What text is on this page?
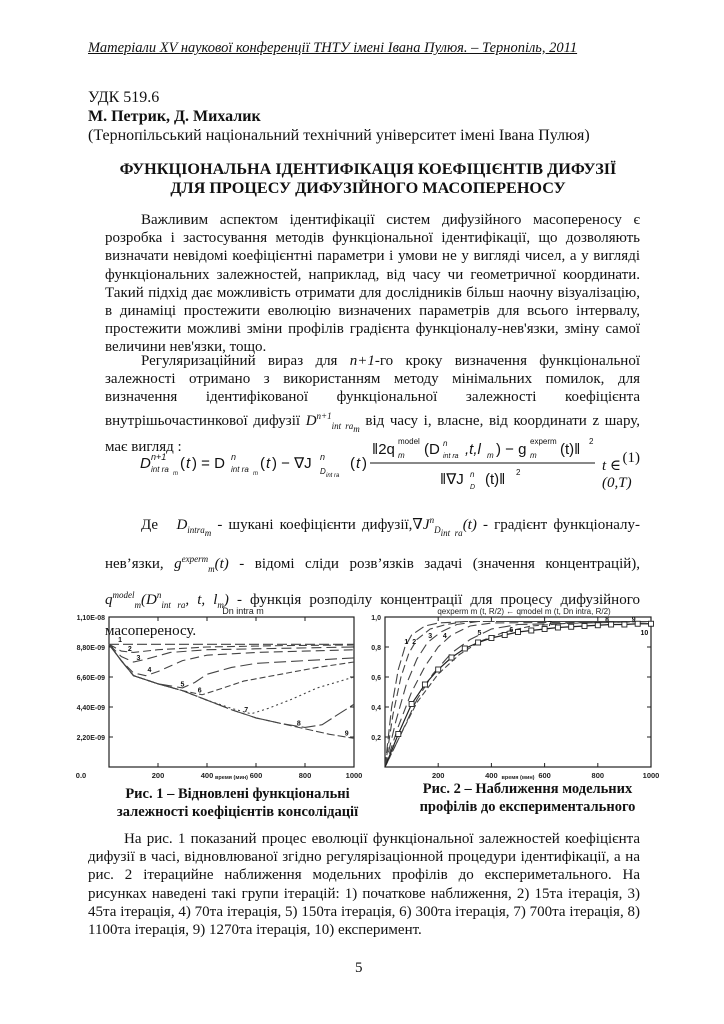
Матеріали XV наукової конференції ТНТУ імені Івана Пулюя. – Тернопіль, 2011
УДК 519.6
М. Петрик, Д. Михалик
(Тернопільський національний технічний університет імені Івана Пулюя)
ФУНКЦІОНАЛЬНА ІДЕНТИФІКАЦІЯ КОЕФІЦІЄНТІВ ДИФУЗІЇ
ДЛЯ ПРОЦЕСУ ДИФУЗІЙНОГО МАСОПЕРЕНОСУ
Важливим аспектом ідентифікації систем дифузійного масопереносу є розробка і застосування методів функціональної ідентифікації, що дозволяють визначати невідомі коефіцієнтні параметри і умови не у вигляді чисел, а у вигляді функціональних залежностей, наприклад, від часу чи геометричної координати. Такий підхід дає можливість отримати для дослідників більш наочну візуалізацію, в динаміці простежити еволюцію визначених параметрів для всього інтервалу, простежити можливі зміни профілів градієнта функціоналу-нев'язки, зміну самої величини нев'язки, тощо.
Регуляризаційний вираз для n+1-го кроку визначення функціональної залежності отримано з використанням методу мінімальних помилок, для визначення ідентифікованої функціональної залежності коефіцієнта внутрішьочастинкової дифузії $D^{n+1}_{int ra_m}$ від часу і, власне, від координати z шару, має вигляд :
D n+1
int ra m
( t ) = D n
int ra m
( t ) − ∇J n
D int ra
( t )
‖2q model
m (D n
int ra ,t,l m ) − g experm
m (t)‖ 2
‖∇J n
D (t)‖ 2	t ∈ (0,T)
(1)
Де $D_{intra_m}$ - шукані коефіцієнти $дифузії,\nabla J^n_{D_{int ra}}(t)$ - градієнт функціоналу-нев’язки, $g^{experm}_m(t)$ - відомі сліди розв’язків задачі (значення концентрацій), $q^{model}_m(D^n_{int ra}$, t, $l_m$) - функція розподілу концентрації для процесу дифузійного масопереносу.
0.0	200	400	600	800	1000
1,10E-08
8,80E-09
6,60E-09
4,40E-09
2,20E-09
время (мин)
Dn intra m
1
2
3
4
5
6
7
8
9
200	400	600	800	1000
1,0
0,8
0,6
0,4
0,2
время (мин)
qexperm m (t, R/2) ← qmodel m (t, Dn intra, R/2)
1 2
3 4	5	6
7
8	9
10
Рис. 1 – Відновлені функціональні
залежності коефіцієнтів консолідації
Рис. 2 – Наближення модельних
профілів до експериментального
На рис. 1 показаний процес еволюції функціональної залежностей коефіцієнта дифузії в часі, відновлюваної згідно регулярізаціонной процедури ідентифікації, а на рис. 2 ітерацийне наближення модельних профілів до експериметального. На рисунках наведені такі групи ітерацій: 1) початкове наближення, 2) 15та ітерація, 3) 45та ітерація, 4) 70та ітерація, 5) 150та ітерація, 6) 300та ітерація, 7) 700та ітерація, 8) 1100та ітерація, 9) 1270та ітерація, 10) експеримент.
5
